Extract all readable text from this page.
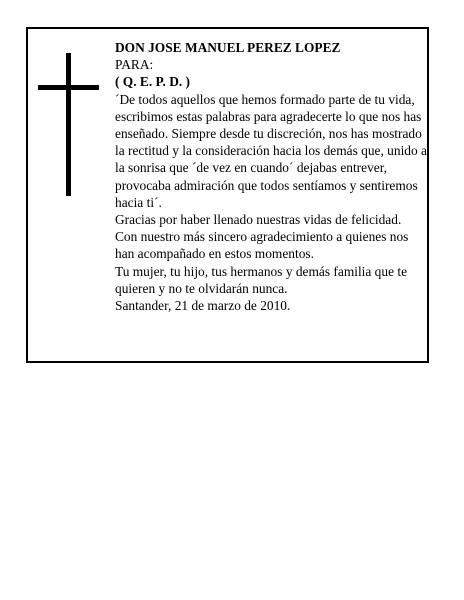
DON JOSE MANUEL PEREZ LOPEZ

PARA:

( Q. E. P. D. )

´De todos aquellos que hemos formado parte de tu vida, escribimos estas palabras para agradecerte lo que nos has enseñado. Siempre desde tu discreción, nos has mostrado la rectitud y la consideración hacia los demás que, unido a la sonrisa que ´de vez en cuando´ dejabas entrever, provocaba admiración que todos sentíamos y sentiremos hacia ti´.

Gracias por haber llenado nuestras vidas de felicidad.

Con nuestro más sincero agradecimiento a quienes nos han acompañado en estos momentos.

Tu mujer, tu hijo, tus hermanos y demás familia que te quieren y no te olvidarán nunca.

Santander, 21 de marzo de 2010.
